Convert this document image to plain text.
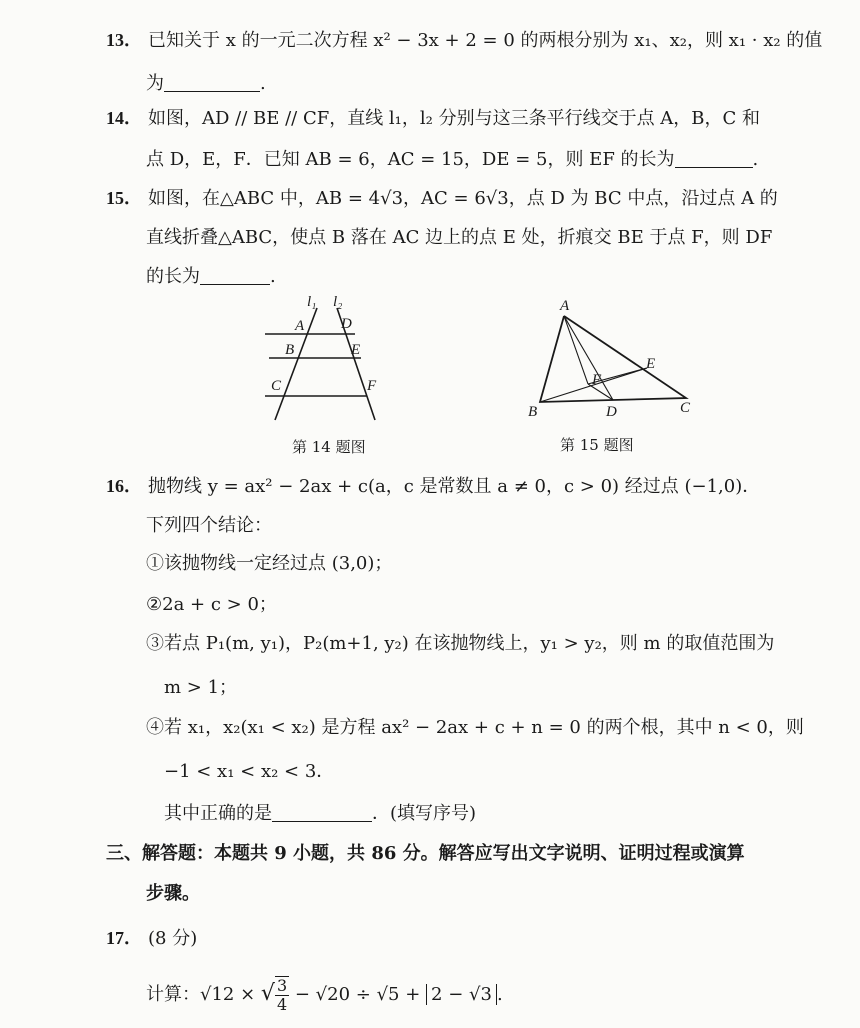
13． 已知关于 x 的一元二次方程 x² − 3x + 2 = 0 的两根分别为 x₁、x₂，则 x₁ · x₂ 的值
为	.
14． 如图，AD // BE // CF，直线 l₁，l₂ 分别与这三条平行线交于点 A，B，C 和
点 D，E，F．已知 AB = 6，AC = 15，DE = 5，则 EF 的长为	.
15． 如图，在△ABC 中，AB = 4√3，AC = 6√3，点 D 为 BC 中点，沿过点 A 的
直线折叠△ABC，使点 B 落在 AC 边上的点 E 处，折痕交 BE 于点 F，则 DF
的长为	.
l₁ l₂
A D
B	E
C	F
第 14 题图
A
B	C
D
E
F
第 15 题图
16． 抛物线 y = ax² − 2ax + c(a，c 是常数且 a ≠ 0，c > 0) 经过点 (−1,0)．
下列四个结论：
①该抛物线一定经过点 (3,0)；
②2a + c > 0；
③若点 P₁(m, y₁)，P₂(m+1, y₂) 在该抛物线上，y₁ > y₂，则 m 的取值范围为
m > 1；
④若 x₁，x₂(x₁ < x₂) 是方程 ax² − 2ax + c + n = 0 的两个根，其中 n < 0，则
−1 < x₁ < x₂ < 3．
其中正确的是	．(填写序号)
三、解答题：本题共 9 小题，共 86 分。解答应写出文字说明、证明过程或演算
步骤。
17． (8 分)
计算：√12 × √ $\frac{3}{4} - √20 \div √5 + 2 - √3$ .
